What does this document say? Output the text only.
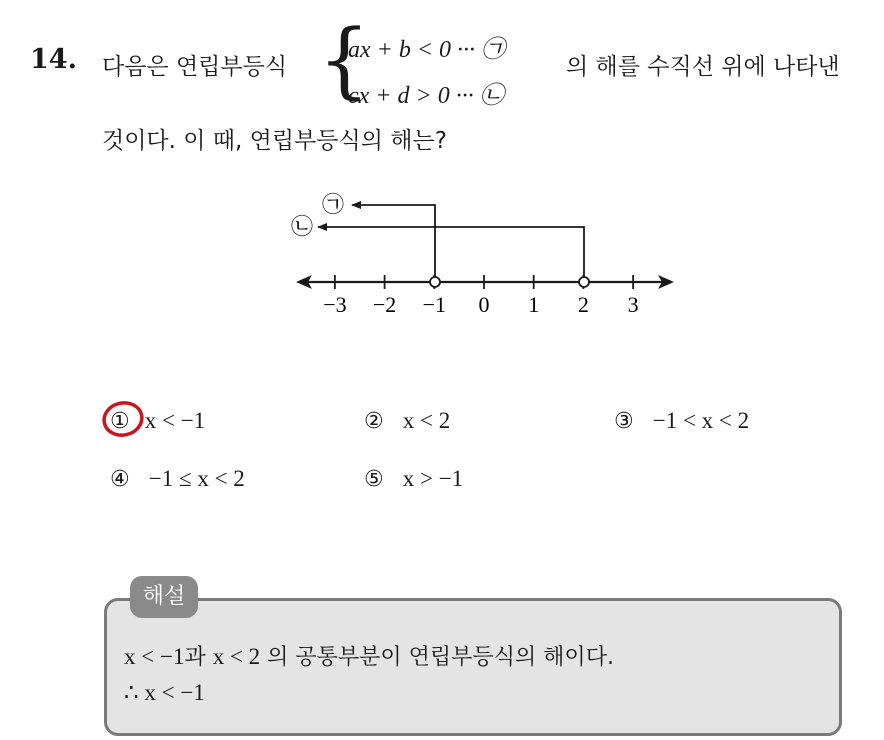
14. 다음은 연립부등식 {
ax + b < 0 ··· ㉠
cx + d > 0 ··· ㉡
의 해를 수직선 위에 나타낸
것이다. 이 때, 연립부등식의 해는?
−3 −2 −1 0 1 2 3
㉠
㉡
① x < −1	② x < 2	③ −1 < x < 2
④ −1 ≤ x < 2	⑤ x > −1
해설
x < −1과 x < 2 의 공통부분이 연립부등식의 해이다.
∴ x < −1
